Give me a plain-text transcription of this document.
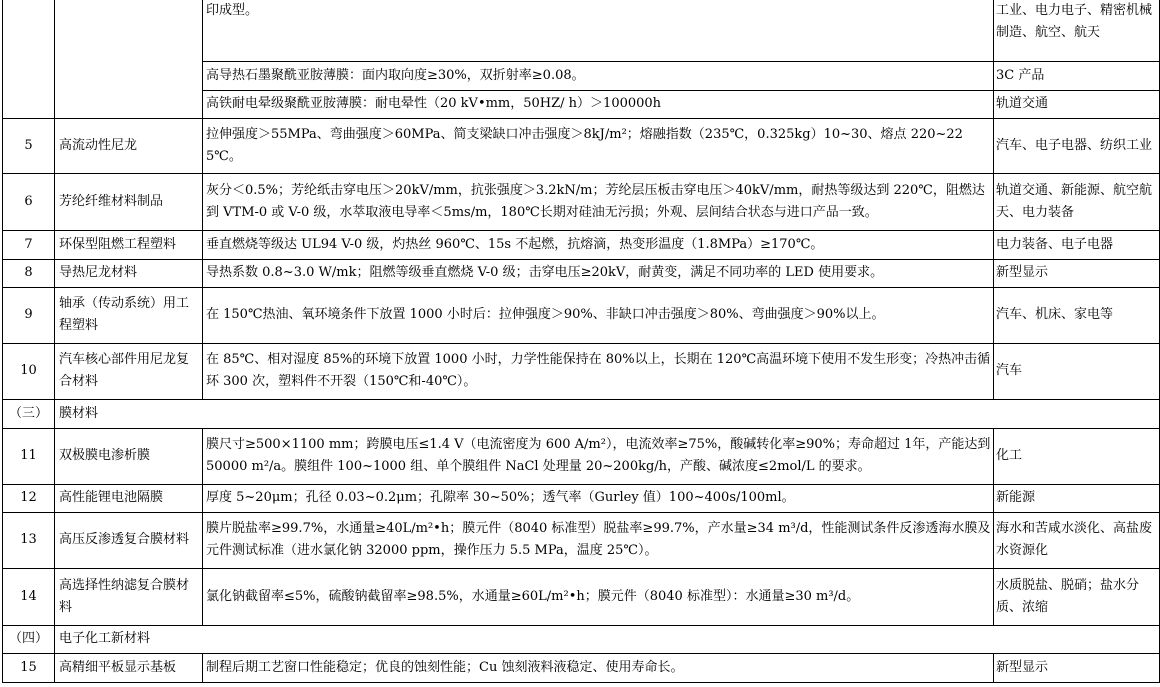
		印成型。	工业、电力电子、精密机械制造、航空、航天
		高导热石墨聚酰亚胺薄膜：面内取向度≥30%，双折射率≥0.08。	3C 产品
		高铁耐电晕级聚酰亚胺薄膜：耐电晕性（20 kV•mm，50HZ/ h）＞100000h	轨道交通
5	高流动性尼龙	拉伸强度＞55MPa、弯曲强度＞60MPa、简支梁缺口冲击强度＞8kJ/m²；熔融指数（235℃，0.325kg）10~30、熔点 220~225℃。	汽车、电子电器、纺织工业
6	芳纶纤维材料制品	灰分＜0.5%；芳纶纸击穿电压＞20kV/mm，抗张强度＞3.2kN/m；芳纶层压板击穿电压＞40kV/mm，耐热等级达到 220℃，阻燃达到 VTM-0 或 V-0 级，水萃取液电导率＜5ms/m，180℃长期对硅油无污损；外观、层间结合状态与进口产品一致。	轨道交通、新能源、航空航天、电力装备
7	环保型阻燃工程塑料	垂直燃烧等级达 UL94 V-0 级，灼热丝 960℃、15s 不起燃，抗熔滴，热变形温度（1.8MPa）≥170℃。	电力装备、电子电器
8	导热尼龙材料	导热系数 0.8~3.0 W/mk；阻燃等级垂直燃烧 V-0 级；击穿电压≥20kV，耐黄变，满足不同功率的 LED 使用要求。	新型显示
9	轴承（传动系统）用工程塑料	在 150℃热油、氧环境条件下放置 1000 小时后：拉伸强度＞90%、非缺口冲击强度＞80%、弯曲强度＞90%以上。	汽车、机床、家电等
10	汽车核心部件用尼龙复合材料	在 85℃、相对湿度 85%的环境下放置 1000 小时，力学性能保持在 80%以上，长期在 120℃高温环境下使用不发生形变；冷热冲击循环 300 次，塑料件不开裂（150℃和-40℃）。	汽车
（三）	膜材料		
11	双极膜电渗析膜	膜尺寸≥500×1100 mm；跨膜电压≤1.4 V（电流密度为 600 A/m²），电流效率≥75%，酸碱转化率≥90%；寿命超过 1年，产能达到 50000 m²/a。膜组件 100~1000 组、单个膜组件 NaCl 处理量 20~200kg/h，产酸、碱浓度≤2mol/L 的要求。	化工
12	高性能锂电池隔膜	厚度 5~20μm；孔径 0.03~0.2μm；孔隙率 30~50%；透气率（Gurley 值）100~400s/100ml。	新能源
13	高压反渗透复合膜材料	膜片脱盐率≥99.7%，水通量≥40L/m²•h；膜元件（8040 标准型）脱盐率≥99.7%，产水量≥34 m³/d，性能测试条件反渗透海水膜及元件测试标准（进水氯化钠 32000 ppm，操作压力 5.5 MPa，温度 25℃）。	海水和苦咸水淡化、高盐废水资源化
14	高选择性纳滤复合膜材料	氯化钠截留率≤5%，硫酸钠截留率≥98.5%，水通量≥60L/m²•h；膜元件（8040 标准型）：水通量≥30 m³/d。	水质脱盐、脱硝；盐水分质、浓缩
（四）	电子化工新材料		
15	高精细平板显示基板	制程后期工艺窗口性能稳定；优良的蚀刻性能；Cu 蚀刻液料液稳定、使用寿命长。	新型显示
